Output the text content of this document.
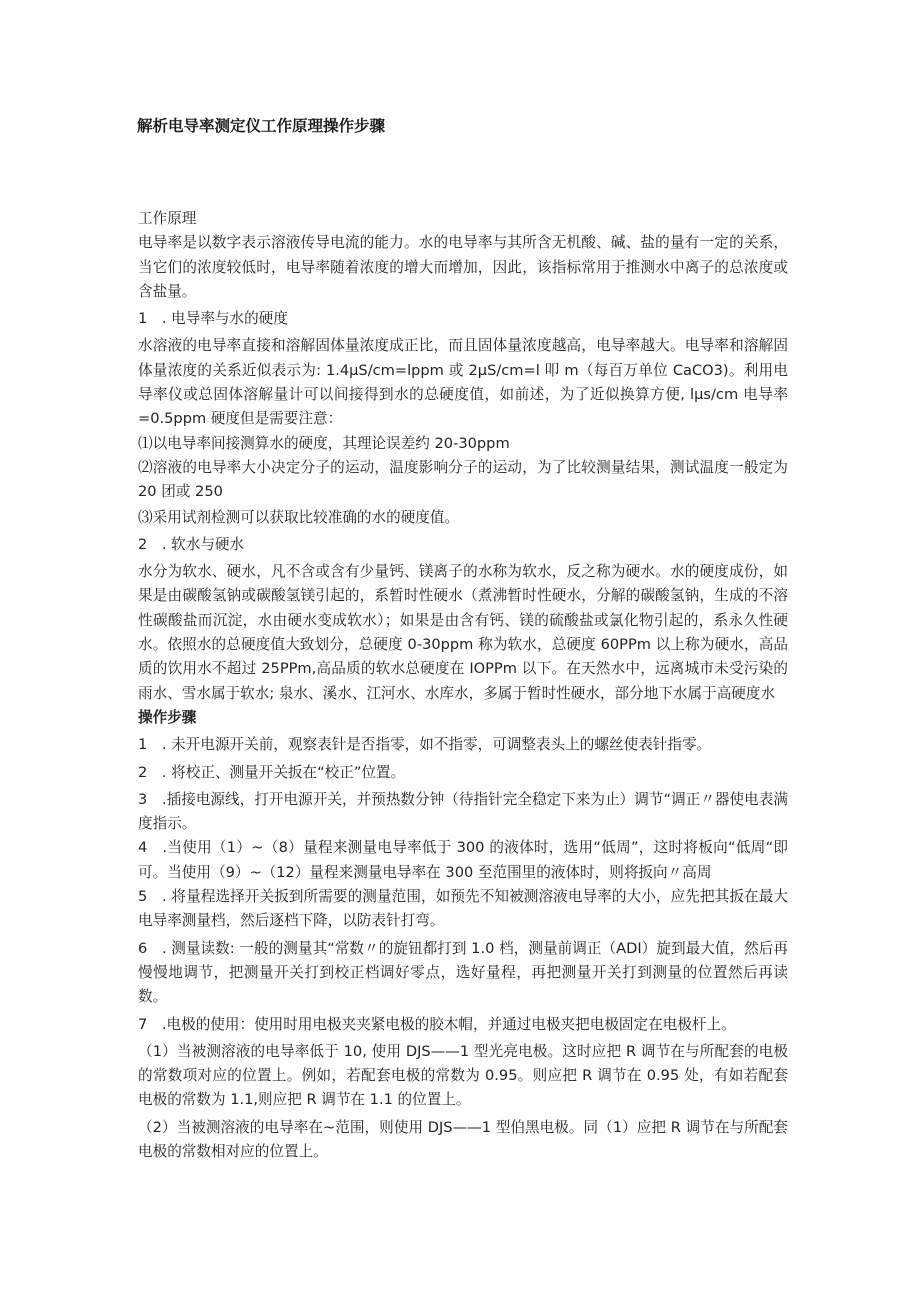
解析电导率测定仪工作原理操作步骤

工作原理

电导率是以数字表示溶液传导电流的能力。水的电导率与其所含无机酸、碱、盐的量有一定的关系，当它们的浓度较低时，电导率随着浓度的增大而增加，因此，该指标常用于推测水中离子的总浓度或含盐量。

1　. 电导率与水的硬度

水溶液的电导率直接和溶解固体量浓度成正比，而且固体量浓度越高，电导率越大。电导率和溶解固体量浓度的关系近似表示为: 1.4μS/cm=lppm 或 2μS/cm=l 叩 m（每百万单位 CaCO3)。利用电导率仪或总固体溶解量计可以间接得到水的总硬度值，如前述，为了近似换算方便, lμs/cm 电导率=0.5ppm 硬度但是需要注意：

⑴以电导率间接测算水的硬度，其理论误差约 20-30ppm

⑵溶液的电导率大小决定分子的运动，温度影响分子的运动，为了比较测量结果，测试温度一般定为 20 团或 250

⑶采用试剂检测可以获取比较准确的水的硬度值。

2　. 软水与硬水

水分为软水、硬水，凡不含或含有少量钙、镁离子的水称为软水，反之称为硬水。水的硬度成份，如果是由碳酸氢钠或碳酸氢镁引起的，系暂时性硬水（煮沸暂时性硬水，分解的碳酸氢钠，生成的不溶性碳酸盐而沉淀，水由硬水变成软水）；如果是由含有钙、镁的硫酸盐或氯化物引起的，系永久性硬水。依照水的总硬度值大致划分，总硬度 0-30ppm 称为软水，总硬度 60PPm 以上称为硬水，高品质的饮用水不超过 25PPm,高品质的软水总硬度在 IOPPm 以下。在天然水中，远离城市未受污染的雨水、雪水属于软水; 泉水、溪水、江河水、水库水，多属于暂时性硬水，部分地下水属于高硬度水

操作步骤

1　. 未开电源开关前，观察表针是否指零，如不指零，可调整表头上的螺丝使表针指零。

2　. 将校正、测量开关扳在“校正”位置。

3　.插接电源线，打开电源开关，并预热数分钟（待指针完全稳定下来为止）调节“调正〃器使电表满度指示。

4　.当使用（1）~（8）量程来测量电导率低于 300 的液体时，选用“低周”，这时将板向“低周“即可。当使用（9）~（12）量程来测量电导率在 300 至范围里的液体时，则将扳向〃高周

5　. 将量程选择开关扳到所需要的测量范围，如预先不知被测溶液电导率的大小，应先把其扳在最大电导率测量档，然后逐档下降，以防表针打弯。

6　. 测量读数: 一般的测量其“常数〃的旋钮都打到 1.0 档，测量前调正（ADI）旋到最大值，然后再慢慢地调节，把测量开关打到校正档调好零点，选好量程，再把测量开关打到测量的位置然后再读数。

7　.电极的使用：使用时用电极夹夹紧电极的胶木帽，并通过电极夹把电极固定在电极杆上。

（1）当被测溶液的电导率低于 10, 使用 DJS——1 型光亮电极。这时应把 R 调节在与所配套的电极的常数项对应的位置上。例如，若配套电极的常数为 0.95。则应把 R 调节在 0.95 处，有如若配套电极的常数为 1.1,则应把 R 调节在 1.1 的位置上。

（2）当被测溶液的电导率在~范围，则使用 DJS——1 型伯黑电极。同（1）应把 R 调节在与所配套电极的常数相对应的位置上。
